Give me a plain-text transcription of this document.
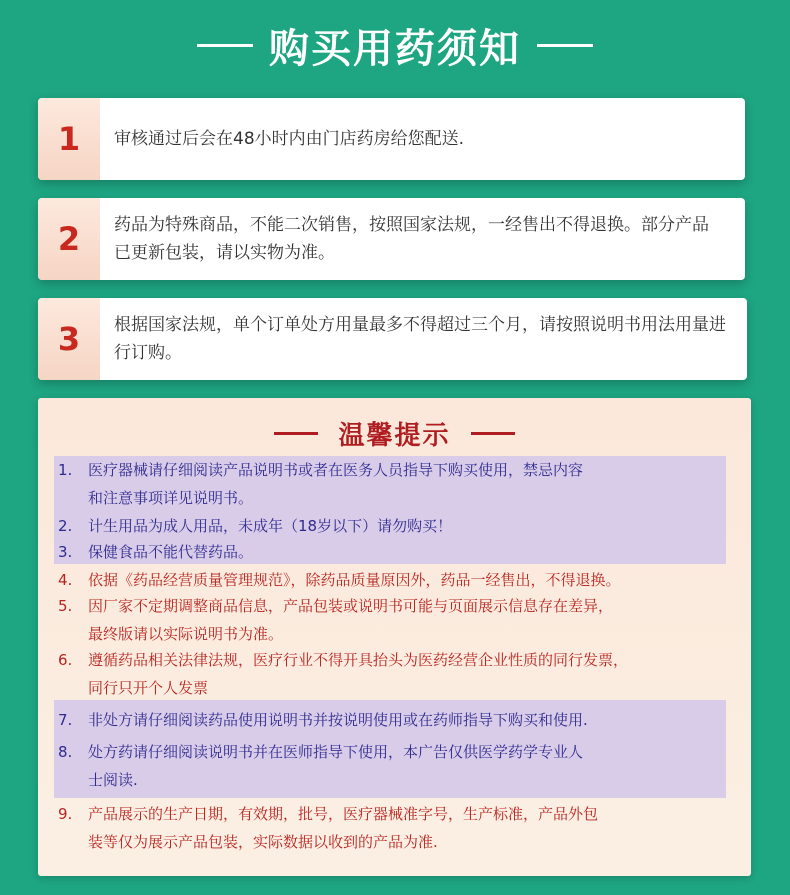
购买用药须知
1	审核通过后会在48小时内由门店药房给您配送.
2	药品为特殊商品，不能二次销售，按照国家法规，一经售出不得退换。部分产品已更新包装，请以实物为准。
3	根据国家法规，单个订单处方用量最多不得超过三个月，请按照说明书用法用量进行订购。
温馨提示
1. 医疗器械请仔细阅读产品说明书或者在医务人员指导下购买使用，禁忌内容
和注意事项详见说明书。
2. 计生用品为成人用品，未成年（18岁以下）请勿购买！
3. 保健食品不能代替药品。
4. 依据《药品经营质量管理规范》，除药品质量原因外，药品一经售出，不得退换。
5. 因厂家不定期调整商品信息，产品包装或说明书可能与页面展示信息存在差异，
最终版请以实际说明书为准。
6. 遵循药品相关法律法规，医疗行业不得开具抬头为医药经营企业性质的同行发票，
同行只开个人发票
7. 非处方请仔细阅读药品使用说明书并按说明使用或在药师指导下购买和使用.
8. 处方药请仔细阅读说明书并在医师指导下使用，本广告仅供医学药学专业人
士阅读.
9. 产品展示的生产日期，有效期，批号，医疗器械准字号，生产标准，产品外包
装等仅为展示产品包装，实际数据以收到的产品为准.
